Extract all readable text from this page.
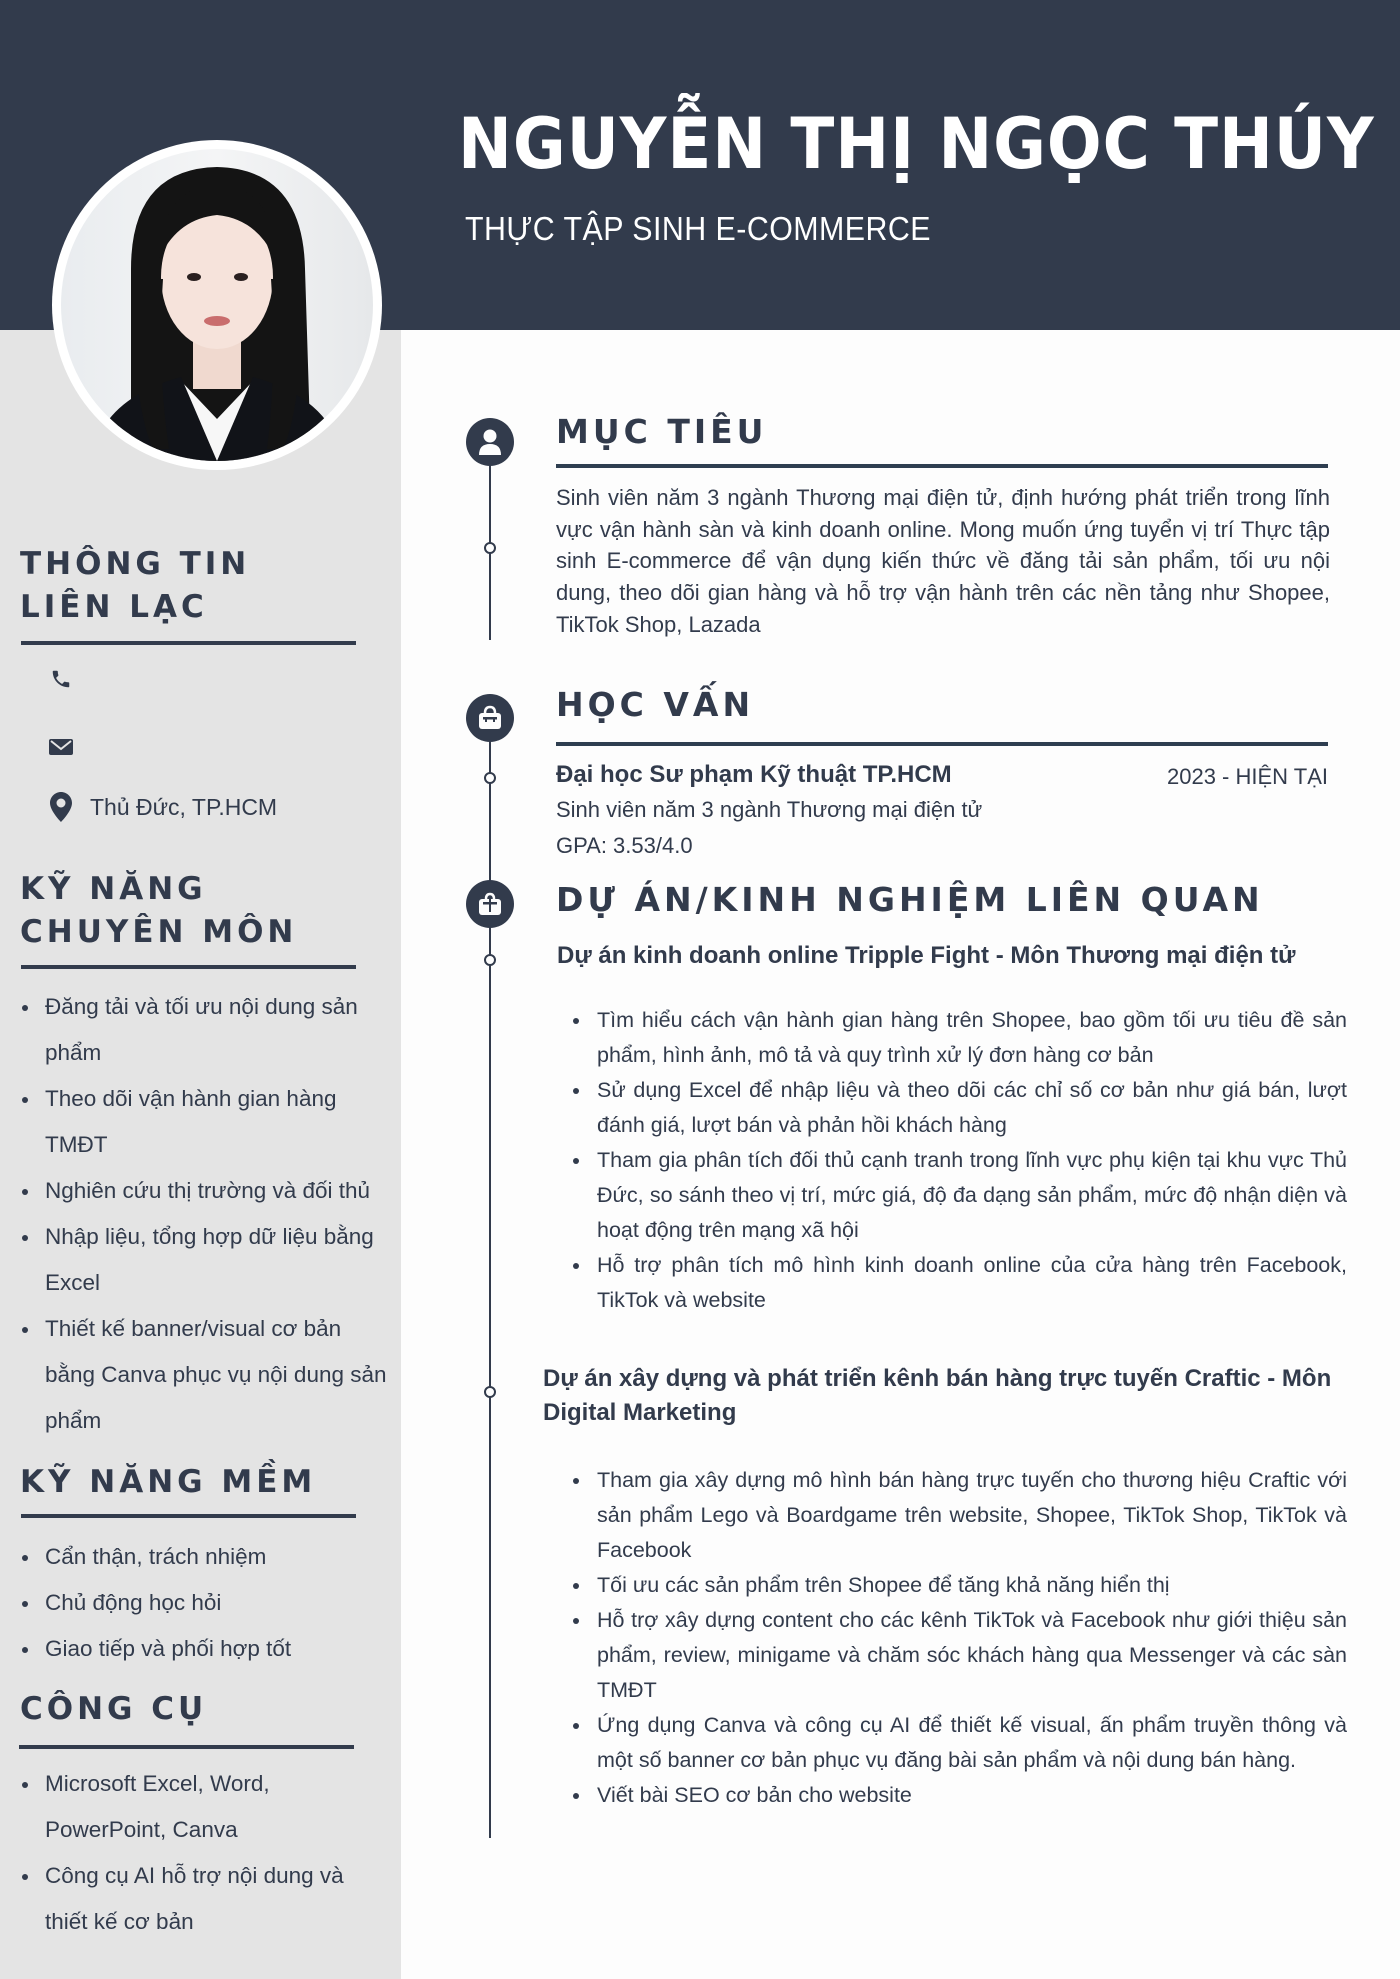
NGUYỄN THỊ NGỌC THÚY
THỰC TẬP SINH E-COMMERCE
THÔNG TIN
LIÊN LẠC
Thủ Đức, TP.HCM
KỸ NĂNG
CHUYÊN MÔN
Đăng tải và tối ưu nội dung sản phẩm
Theo dõi vận hành gian hàng TMĐT
Nghiên cứu thị trường và đối thủ
Nhập liệu, tổng hợp dữ liệu bằng Excel
Thiết kế banner/visual cơ bản bằng Canva phục vụ nội dung sản phẩm
KỸ NĂNG MỀM
Cẩn thận, trách nhiệm
Chủ động học hỏi
Giao tiếp và phối hợp tốt
CÔNG CỤ
Microsoft Excel, Word, PowerPoint, Canva
Công cụ AI hỗ trợ nội dung và thiết kế cơ bản
MỤC TIÊU
Sinh viên năm 3 ngành Thương mại điện tử, định hướng phát triển trong lĩnh vực vận hành sàn và kinh doanh online. Mong muốn ứng tuyển vị trí Thực tập sinh E-commerce để vận dụng kiến thức về đăng tải sản phẩm, tối ưu nội dung, theo dõi gian hàng và hỗ trợ vận hành trên các nền tảng như Shopee, TikTok Shop, Lazada
HỌC VẤN
Đại học Sư phạm Kỹ thuật TP.HCM	2023 - HIỆN TẠI
Sinh viên năm 3 ngành Thương mại điện tử
GPA: 3.53/4.0
DỰ ÁN/KINH NGHIỆM LIÊN QUAN
Dự án kinh doanh online Tripple Fight - Môn Thương mại điện tử
Tìm hiểu cách vận hành gian hàng trên Shopee, bao gồm tối ưu tiêu đề sản phẩm, hình ảnh, mô tả và quy trình xử lý đơn hàng cơ bản
Sử dụng Excel để nhập liệu và theo dõi các chỉ số cơ bản như giá bán, lượt đánh giá, lượt bán và phản hồi khách hàng
Tham gia phân tích đối thủ cạnh tranh trong lĩnh vực phụ kiện tại khu vực Thủ Đức, so sánh theo vị trí, mức giá, độ đa dạng sản phẩm, mức độ nhận diện và hoạt động trên mạng xã hội
Hỗ trợ phân tích mô hình kinh doanh online của cửa hàng trên Facebook, TikTok và website
Dự án xây dựng và phát triển kênh bán hàng trực tuyến Craftic - Môn Digital Marketing
Tham gia xây dựng mô hình bán hàng trực tuyến cho thương hiệu Craftic với sản phẩm Lego và Boardgame trên website, Shopee, TikTok Shop, TikTok và Facebook
Tối ưu các sản phẩm trên Shopee để tăng khả năng hiển thị
Hỗ trợ xây dựng content cho các kênh TikTok và Facebook như giới thiệu sản phẩm, review, minigame và chăm sóc khách hàng qua Messenger và các sàn TMĐT
Ứng dụng Canva và công cụ AI để thiết kế visual, ấn phẩm truyền thông và một số banner cơ bản phục vụ đăng bài sản phẩm và nội dung bán hàng.
Viết bài SEO cơ bản cho website
